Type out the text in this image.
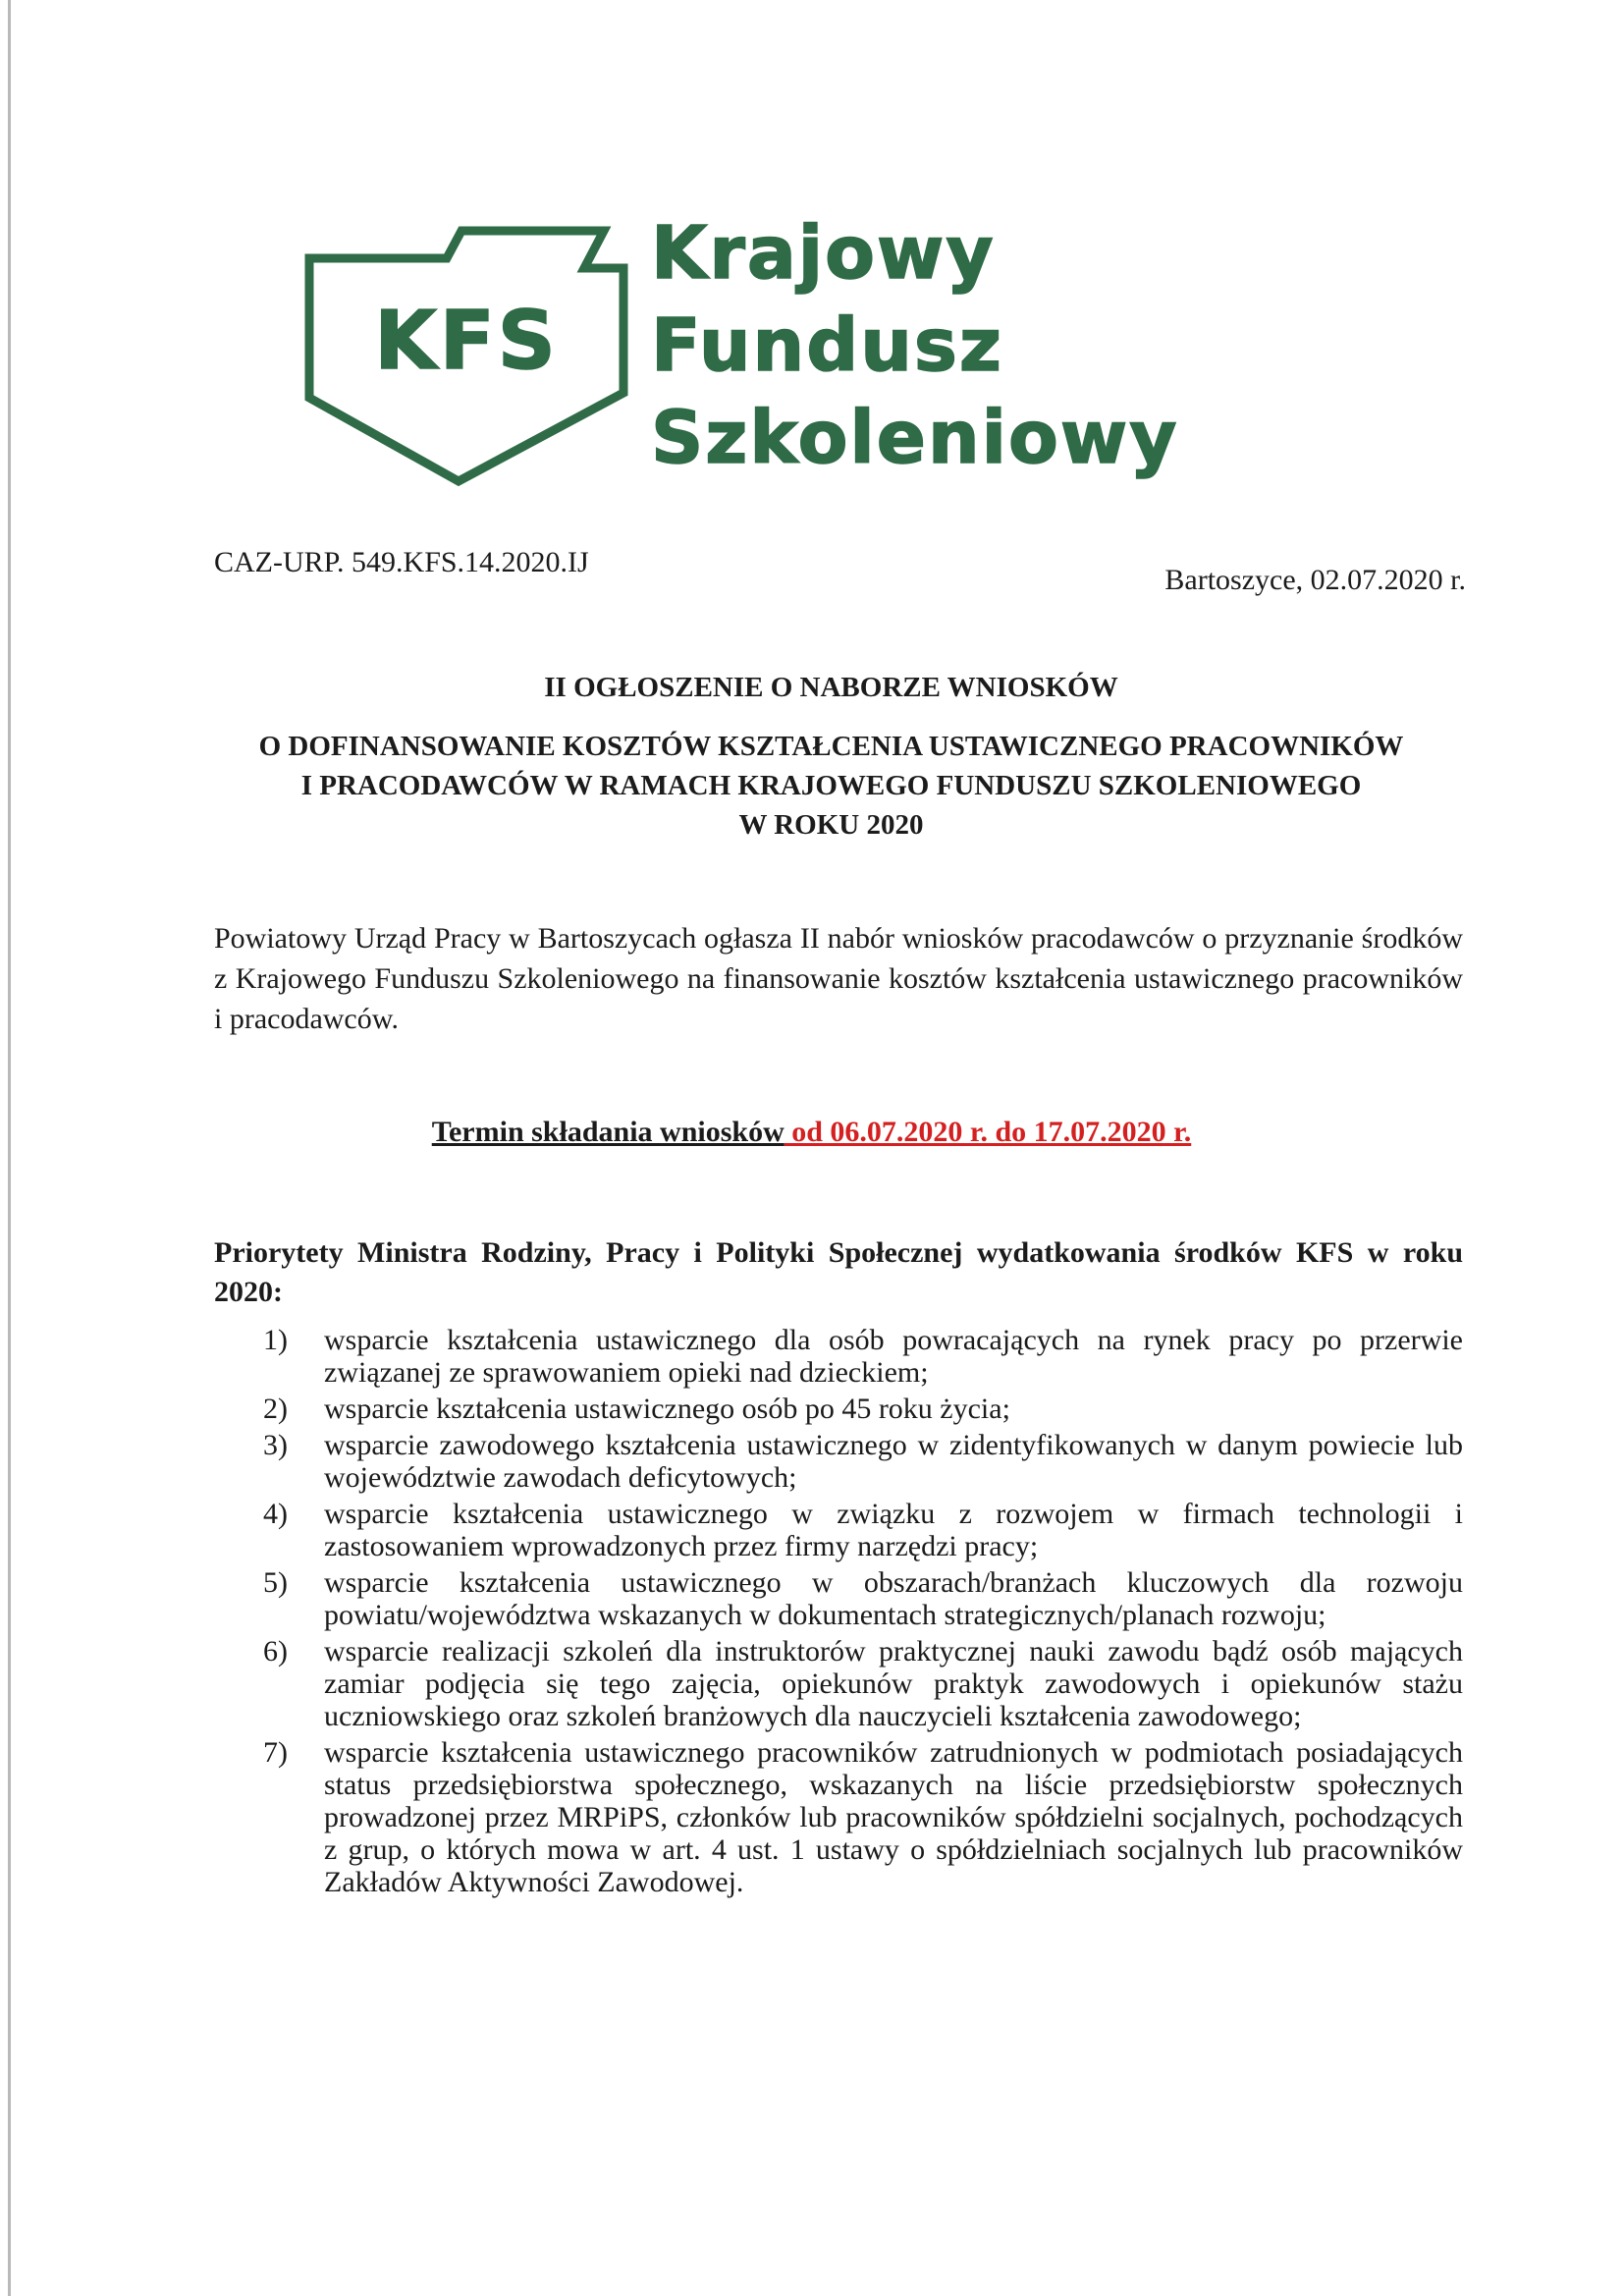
KFS
Krajowy
Fundusz
Szkoleniowy
CAZ-URP. 549.KFS.14.2020.IJ
Bartoszyce, 02.07.2020 r.
II OGŁOSZENIE O NABORZE WNIOSKÓW
O DOFINANSOWANIE KOSZTÓW KSZTAŁCENIA USTAWICZNEGO PRACOWNIKÓW
I PRACODAWCÓW W RAMACH KRAJOWEGO FUNDUSZU SZKOLENIOWEGO
W ROKU 2020
Powiatowy Urząd Pracy w Bartoszycach ogłasza II nabór wniosków pracodawców o przyznanie środków z Krajowego Funduszu Szkoleniowego na finansowanie kosztów kształcenia ustawicznego pracowników i pracodawców.
Termin składania wniosków od 06.07.2020 r. do 17.07.2020 r.
Priorytety Ministra Rodziny, Pracy i Polityki Społecznej wydatkowania środków KFS w roku 2020:
1) wsparcie kształcenia ustawicznego dla osób powracających na rynek pracy po przerwie związanej ze sprawowaniem opieki nad dzieckiem;
2) wsparcie kształcenia ustawicznego osób po 45 roku życia;
3) wsparcie zawodowego kształcenia ustawicznego w zidentyfikowanych w danym powiecie lub województwie zawodach deficytowych;
4) wsparcie kształcenia ustawicznego w związku z rozwojem w firmach technologii i zastosowaniem wprowadzonych przez firmy narzędzi pracy;
5) wsparcie kształcenia ustawicznego w obszarach/branżach kluczowych dla rozwoju powiatu/województwa wskazanych w dokumentach strategicznych/planach rozwoju;
6) wsparcie realizacji szkoleń dla instruktorów praktycznej nauki zawodu bądź osób mających zamiar podjęcia się tego zajęcia, opiekunów praktyk zawodowych i opiekunów stażu uczniowskiego oraz szkoleń branżowych dla nauczycieli kształcenia zawodowego;
7) wsparcie kształcenia ustawicznego pracowników zatrudnionych w podmiotach posiadających status przedsiębiorstwa społecznego, wskazanych na liście przedsiębiorstw społecznych prowadzonej przez MRPiPS, członków lub pracowników spółdzielni socjalnych, pochodzących z grup, o których mowa w art. 4 ust. 1 ustawy o spółdzielniach socjalnych lub pracowników Zakładów Aktywności Zawodowej.
